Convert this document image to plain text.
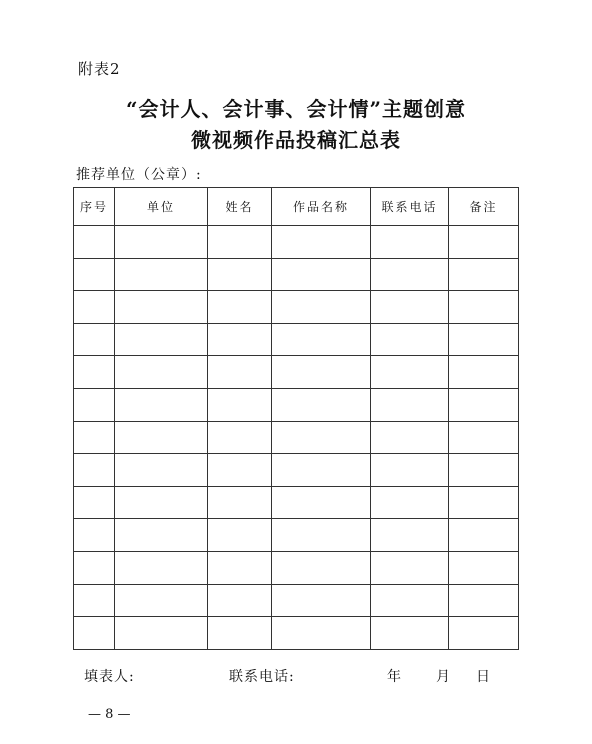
附表2
“会计人、会计事、会计情”主题创意
微视频作品投稿汇总表
推荐单位（公章）:
序号	单位	姓名	作品名称	联系电话	备注

填表人:	联系电话:	年 月 日
— 8 —
